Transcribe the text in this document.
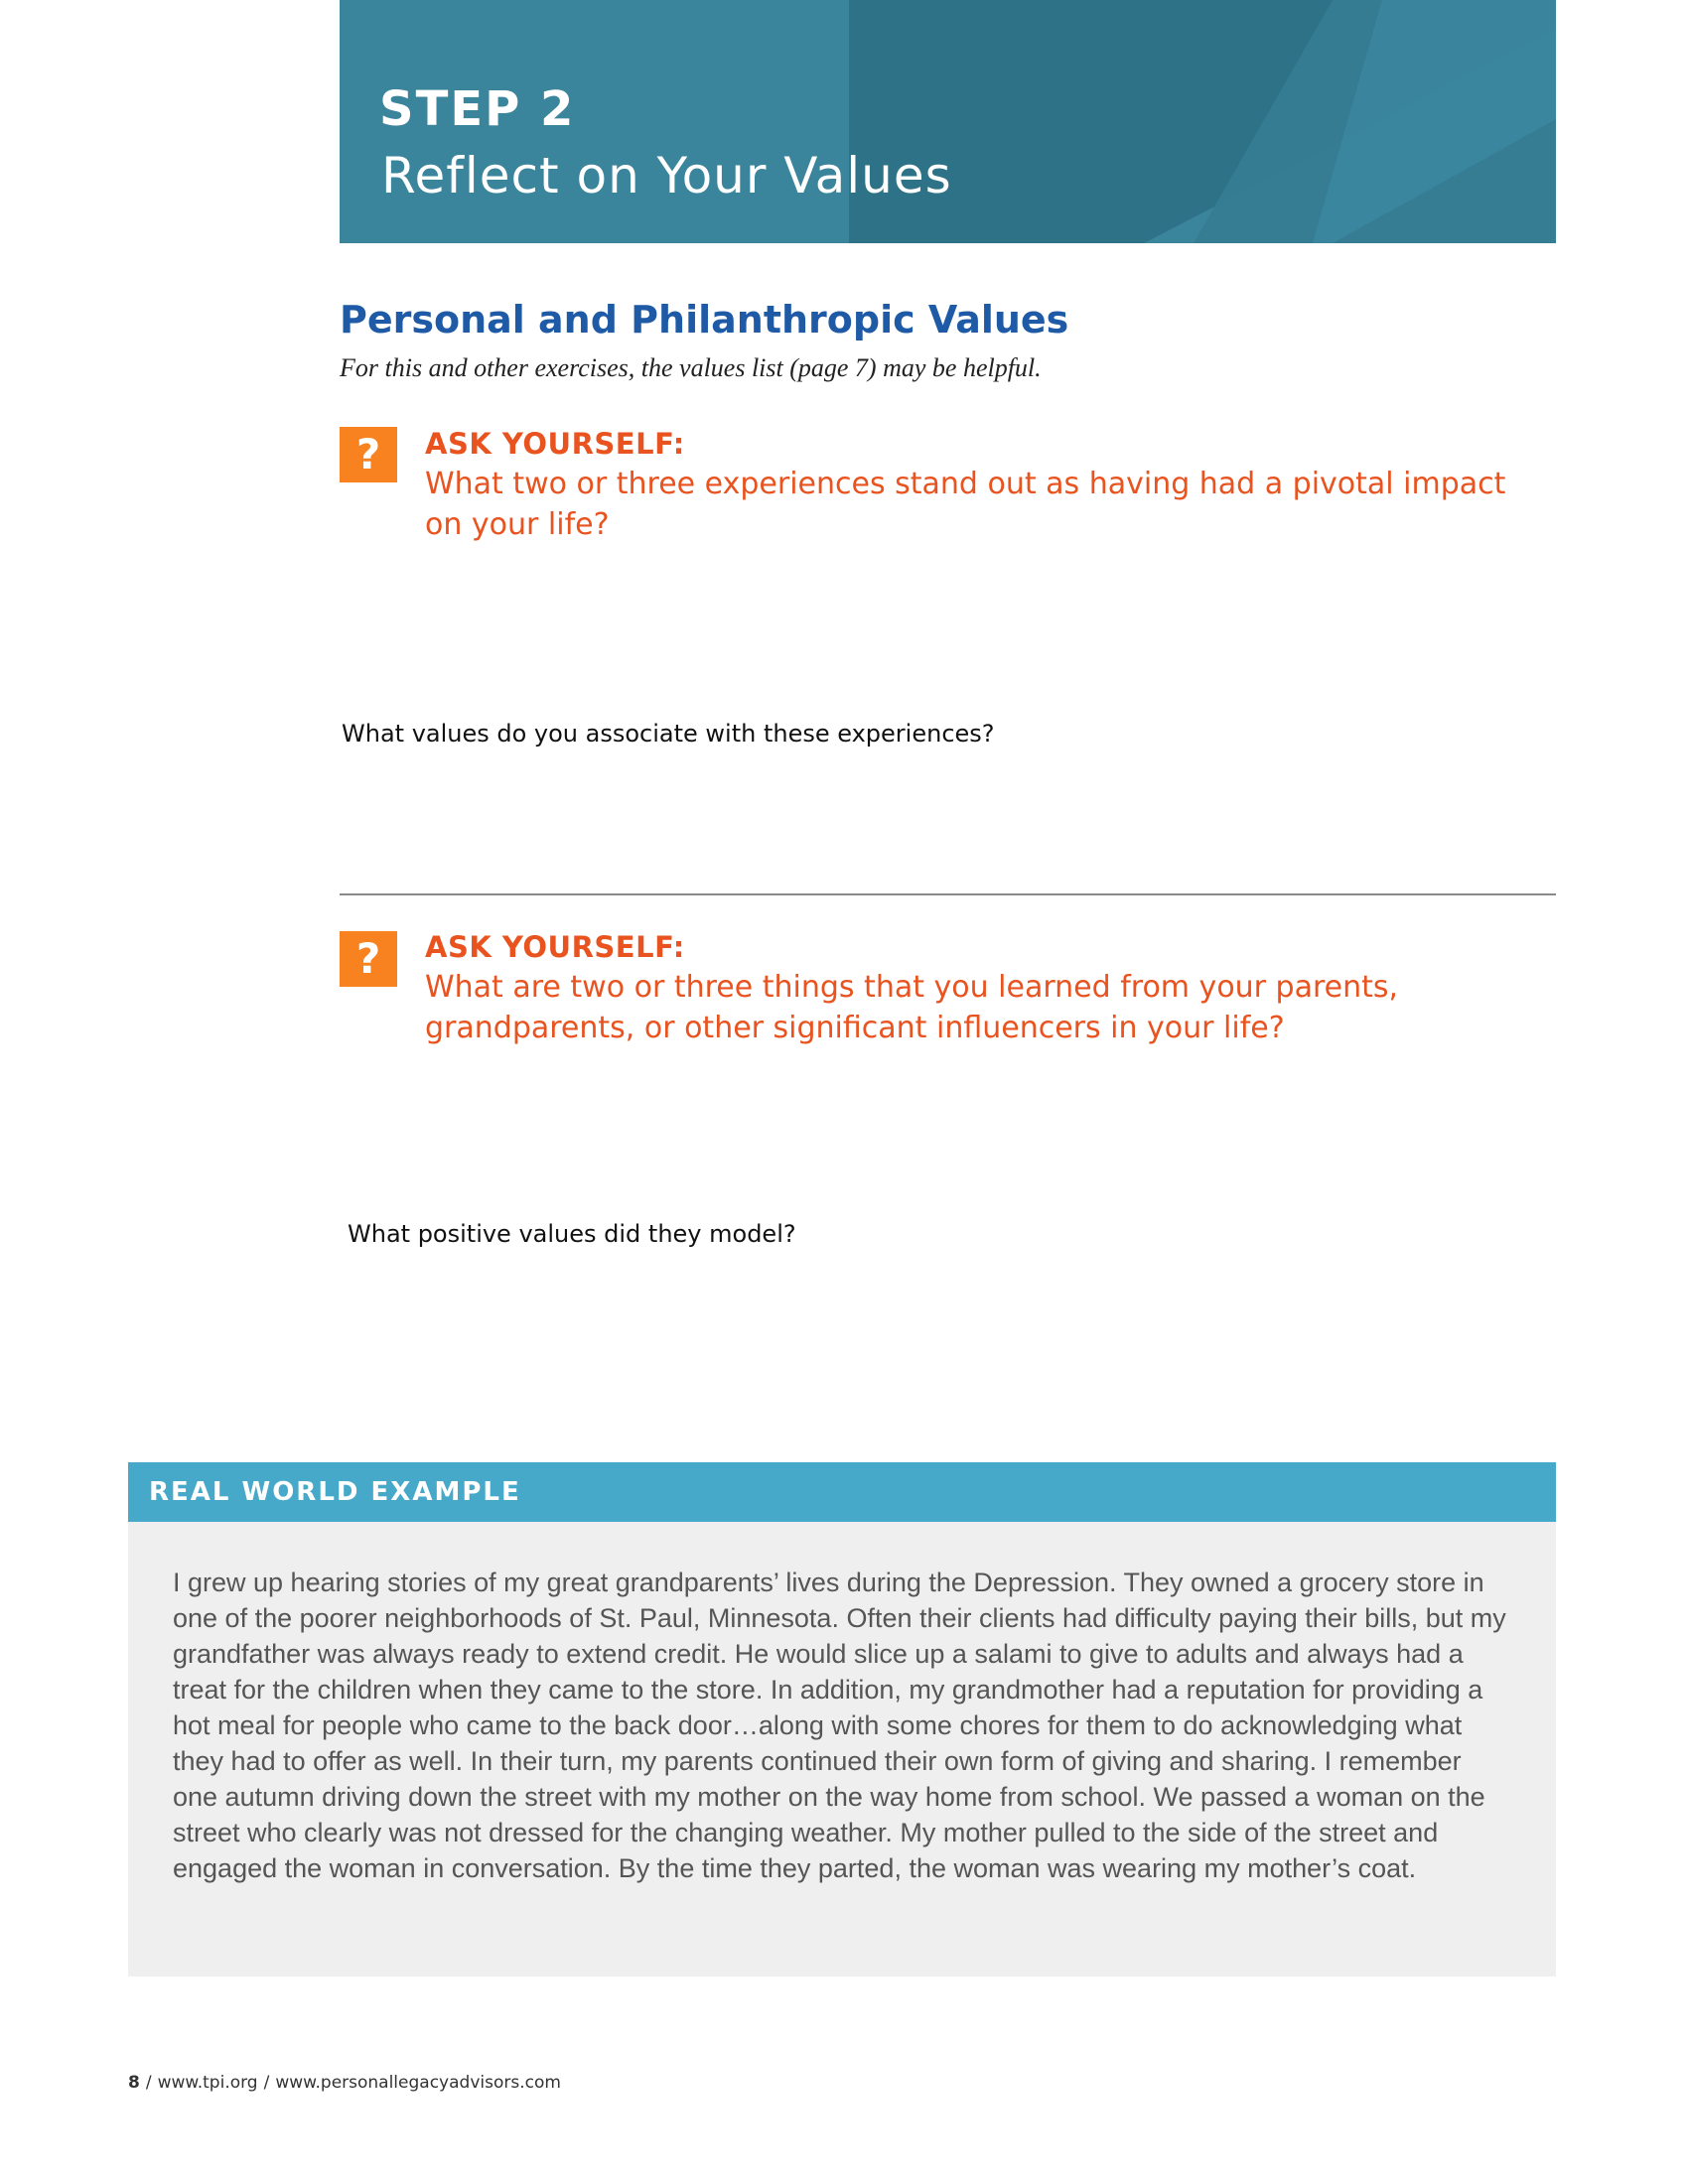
STEP 2
Reflect on Your Values
Personal and Philanthropic Values
For this and other exercises, the values list (page 7) may be helpful.
?	ASK YOURSELF:
What two or three experiences stand out as having had a pivotal impact on your life?
What values do you associate with these experiences?
?	ASK YOURSELF:
What are two or three things that you learned from your parents, grandparents, or other significant influencers in your life?
What positive values did they model?
REAL WORLD EXAMPLE

I grew up hearing stories of my great grandparents’ lives during the Depression. They owned a grocery store in one of the poorer neighborhoods of St. Paul, Minnesota. Often their clients had difficulty paying their bills, but my grandfather was always ready to extend credit. He would slice up a salami to give to adults and always had a treat for the children when they came to the store. In addition, my grandmother had a reputation for providing a hot meal for people who came to the back door…along with some chores for them to do acknowledging what they had to offer as well. In their turn, my parents continued their own form of giving and sharing. I remember one autumn driving down the street with my mother on the way home from school. We passed a woman on the street who clearly was not dressed for the changing weather. My mother pulled to the side of the street and engaged the woman in conversation. By the time they parted, the woman was wearing my mother’s coat.

8 / www.tpi.org / www.personallegacyadvisors.com
